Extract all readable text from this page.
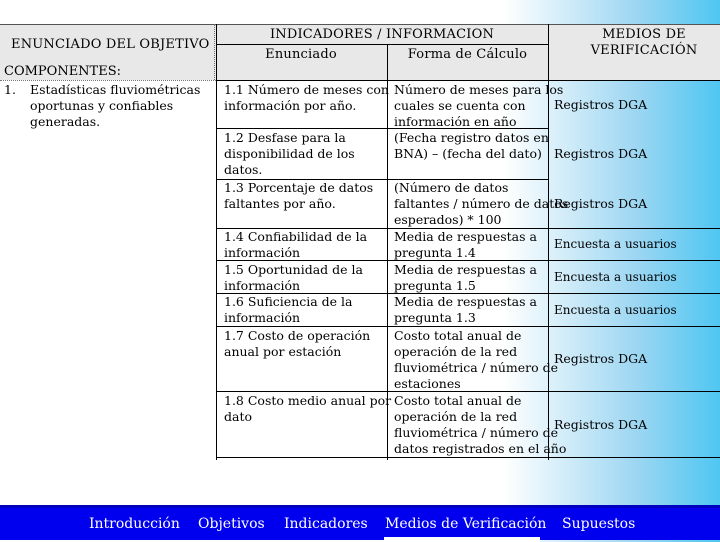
ENUNCIADO DEL OBJETIVO
INDICADORES / INFORMACION
Enunciado	Forma de Cálculo
MEDIOS DE
VERIFICACIÓN
COMPONENTES:
1. Estadísticas fluviométricas
oportunas y confiables
generadas.
1.1 Número de meses con
información por año.
Número de meses para los
cuales se cuenta con
información en año
Registros DGA
1.2 Desfase para la
disponibilidad de los
datos.
(Fecha registro datos en
BNA) – (fecha del dato) Registros DGA
1.3 Porcentaje de datos
faltantes por año.
(Número de datos
faltantes / número de datos
esperados) * 100
Registros DGA
1.4 Confiabilidad de la
información
Media de respuestas a
pregunta 1.4
Encuesta a usuarios
1.5 Oportunidad de la
información
Media de respuestas a
pregunta 1.5
Encuesta a usuarios
1.6 Suficiencia de la
información
Media de respuestas a
pregunta 1.3	Encuesta a usuarios
1.7 Costo de operación
anual por estación
Costo total anual de
operación de la red
fluviométrica / número de
estaciones
Registros DGA
1.8 Costo medio anual por
dato
Costo total anual de
operación de la red
fluviométrica / número de
datos registrados en el año
Registros DGA
Introducción Objetivos Indicadores Medios de Verificación Supuestos
